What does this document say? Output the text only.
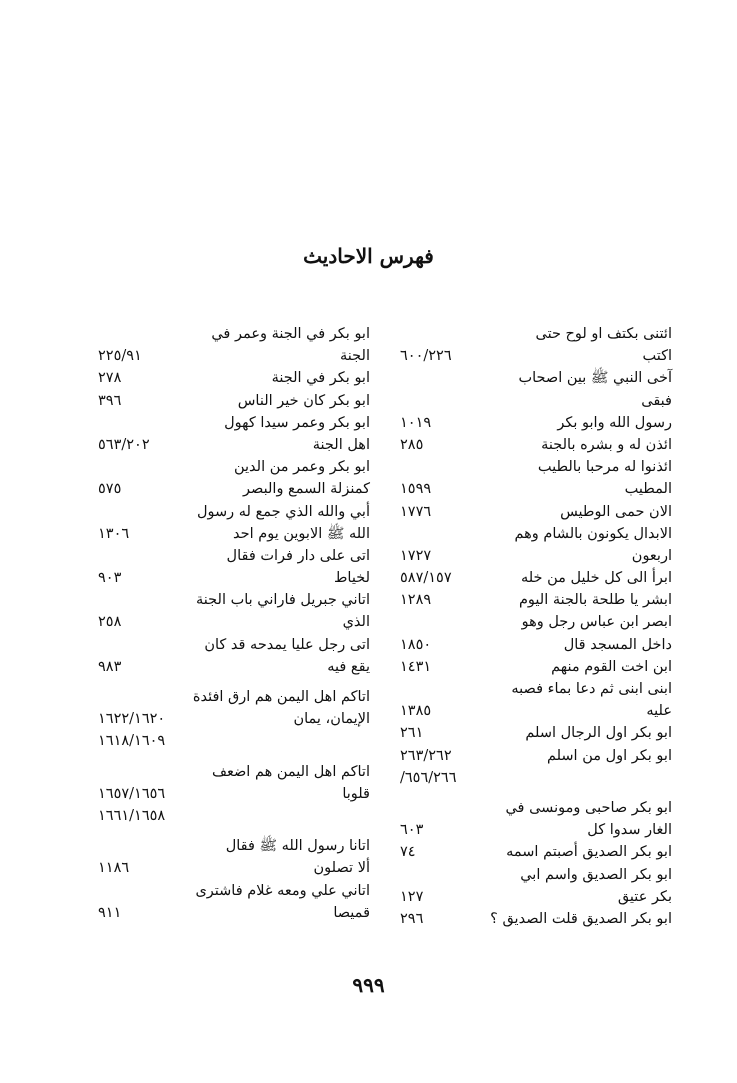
فهرس الاحاديث
ائتنى بكتف او لوح حتى
اكتب
٦٠٠/٢٢٦
آخى النبي ﷺ بين اصحاب
فبقى
رسول الله وابو بكر
١٠١٩
ائذن له و بشره بالجنة
٢٨٥
ائذنوا له مرحبا بالطيب
المطيب
١٥٩٩
الان حمى الوطيس
١٧٧٦
الابدال يكونون بالشام وهم
اربعون
١٧٢٧
ابرأ الى كل خليل من خله
٥٨٧/١٥٧
ابشر يا طلحة بالجنة اليوم
١٢٨٩
ابصر ابن عباس رجل وهو
داخل المسجد قال
١٨٥٠
ابن اخت القوم منهم
١٤٣١
ابنى ابنى ثم دعا بماء فصبه
عليه
١٣٨٥
ابو بكر اول الرجال اسلم
٢٦١
ابو بكر اول من اسلم
٢٦٣/٢٦٢
/٦٥٦/٢٦٦
ابو بكر صاحبى ومونسى في
الغار سدوا كل
٦٠٣
ابو بكر الصديق أصبتم اسمه
٧٤
ابو بكر الصديق واسم ابي
بكر عتيق
١٢٧
ابو بكر الصديق قلت الصديق ؟
٢٩٦
ابو بكر في الجنة وعمر في
الجنة
٢٢٥/٩١
ابو بكر في الجنة
٢٧٨
ابو بكر كان خير الناس
٣٩٦
ابو بكر وعمر سيدا كهول
اهل الجنة
٥٦٣/٢٠٢
ابو بكر وعمر من الدين
كمنزلة السمع والبصر
٥٧٥
أبي والله الذي جمع له رسول
الله ﷺ الابوين يوم احد
١٣٠٦
اتى على دار فرات فقال
لخياط
٩٠٣
اتاني جبريل فاراني باب الجنة
الذي
٢٥٨
اتى رجل عليا يمدحه قد كان
يقع فيه
٩٨٣
اتاكم اهل اليمن هم ارق افئدة
الإيمان، يمان
١٦٢٢/١٦٢٠
١٦١٨/١٦٠٩
اتاكم اهل اليمن هم اضعف
قلوبا
١٦٥٧/١٦٥٦
١٦٦١/١٦٥٨
اتانا رسول الله ﷺ فقال
ألا تصلون
١١٨٦
اتاني علي ومعه غلام فاشترى
قميصا
٩١١
٩٩٩
